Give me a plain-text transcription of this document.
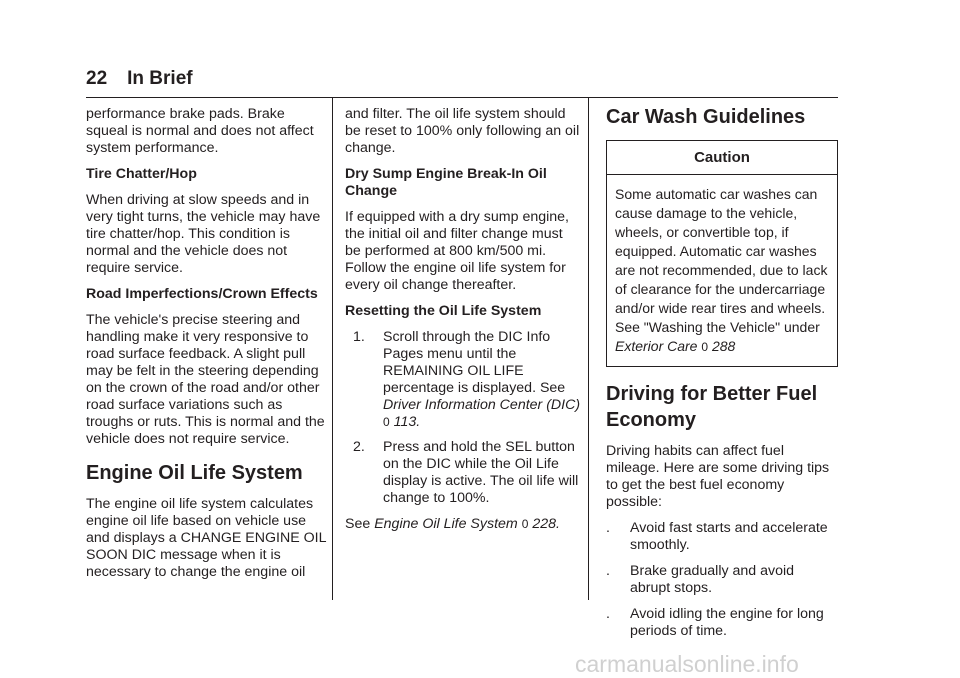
22 In Brief

performance brake pads. Brake squeal is normal and does not affect system performance.

Tire Chatter/Hop

When driving at slow speeds and in very tight turns, the vehicle may have tire chatter/hop. This condition is normal and the vehicle does not require service.

Road Imperfections/Crown Effects

The vehicle's precise steering and handling make it very responsive to road surface feedback. A slight pull may be felt in the steering depending on the crown of the road and/or other road surface variations such as troughs or ruts. This is normal and the vehicle does not require service.

Engine Oil Life System

The engine oil life system calculates engine oil life based on vehicle use and displays a CHANGE ENGINE OIL SOON DIC message when it is necessary to change the engine oil

and filter. The oil life system should be reset to 100% only following an oil change.

Dry Sump Engine Break-In Oil Change

If equipped with a dry sump engine, the initial oil and filter change must be performed at 800 km/500 mi. Follow the engine oil life system for every oil change thereafter.

Resetting the Oil Life System
1. Scroll through the DIC Info Pages menu until the REMAINING OIL LIFE percentage is displayed. See Driver Information Center (DIC) 0 113.
2. Press and hold the SEL button on the DIC while the Oil Life display is active. The oil life will change to 100%.

See Engine Oil Life System 0 228.

Car Wash Guidelines
Caution
Some automatic car washes can cause damage to the vehicle, wheels, or convertible top, if equipped. Automatic car washes are not recommended, due to lack of clearance for the undercarriage and/or wide rear tires and wheels. See "Washing the Vehicle" under Exterior Care 0 288
Driving for Better Fuel Economy

Driving habits can affect fuel mileage. Here are some driving tips to get the best fuel economy possible:

. Avoid fast starts and accelerate smoothly.
. Brake gradually and avoid abrupt stops.
. Avoid idling the engine for long periods of time.
carmanualsonline.info
